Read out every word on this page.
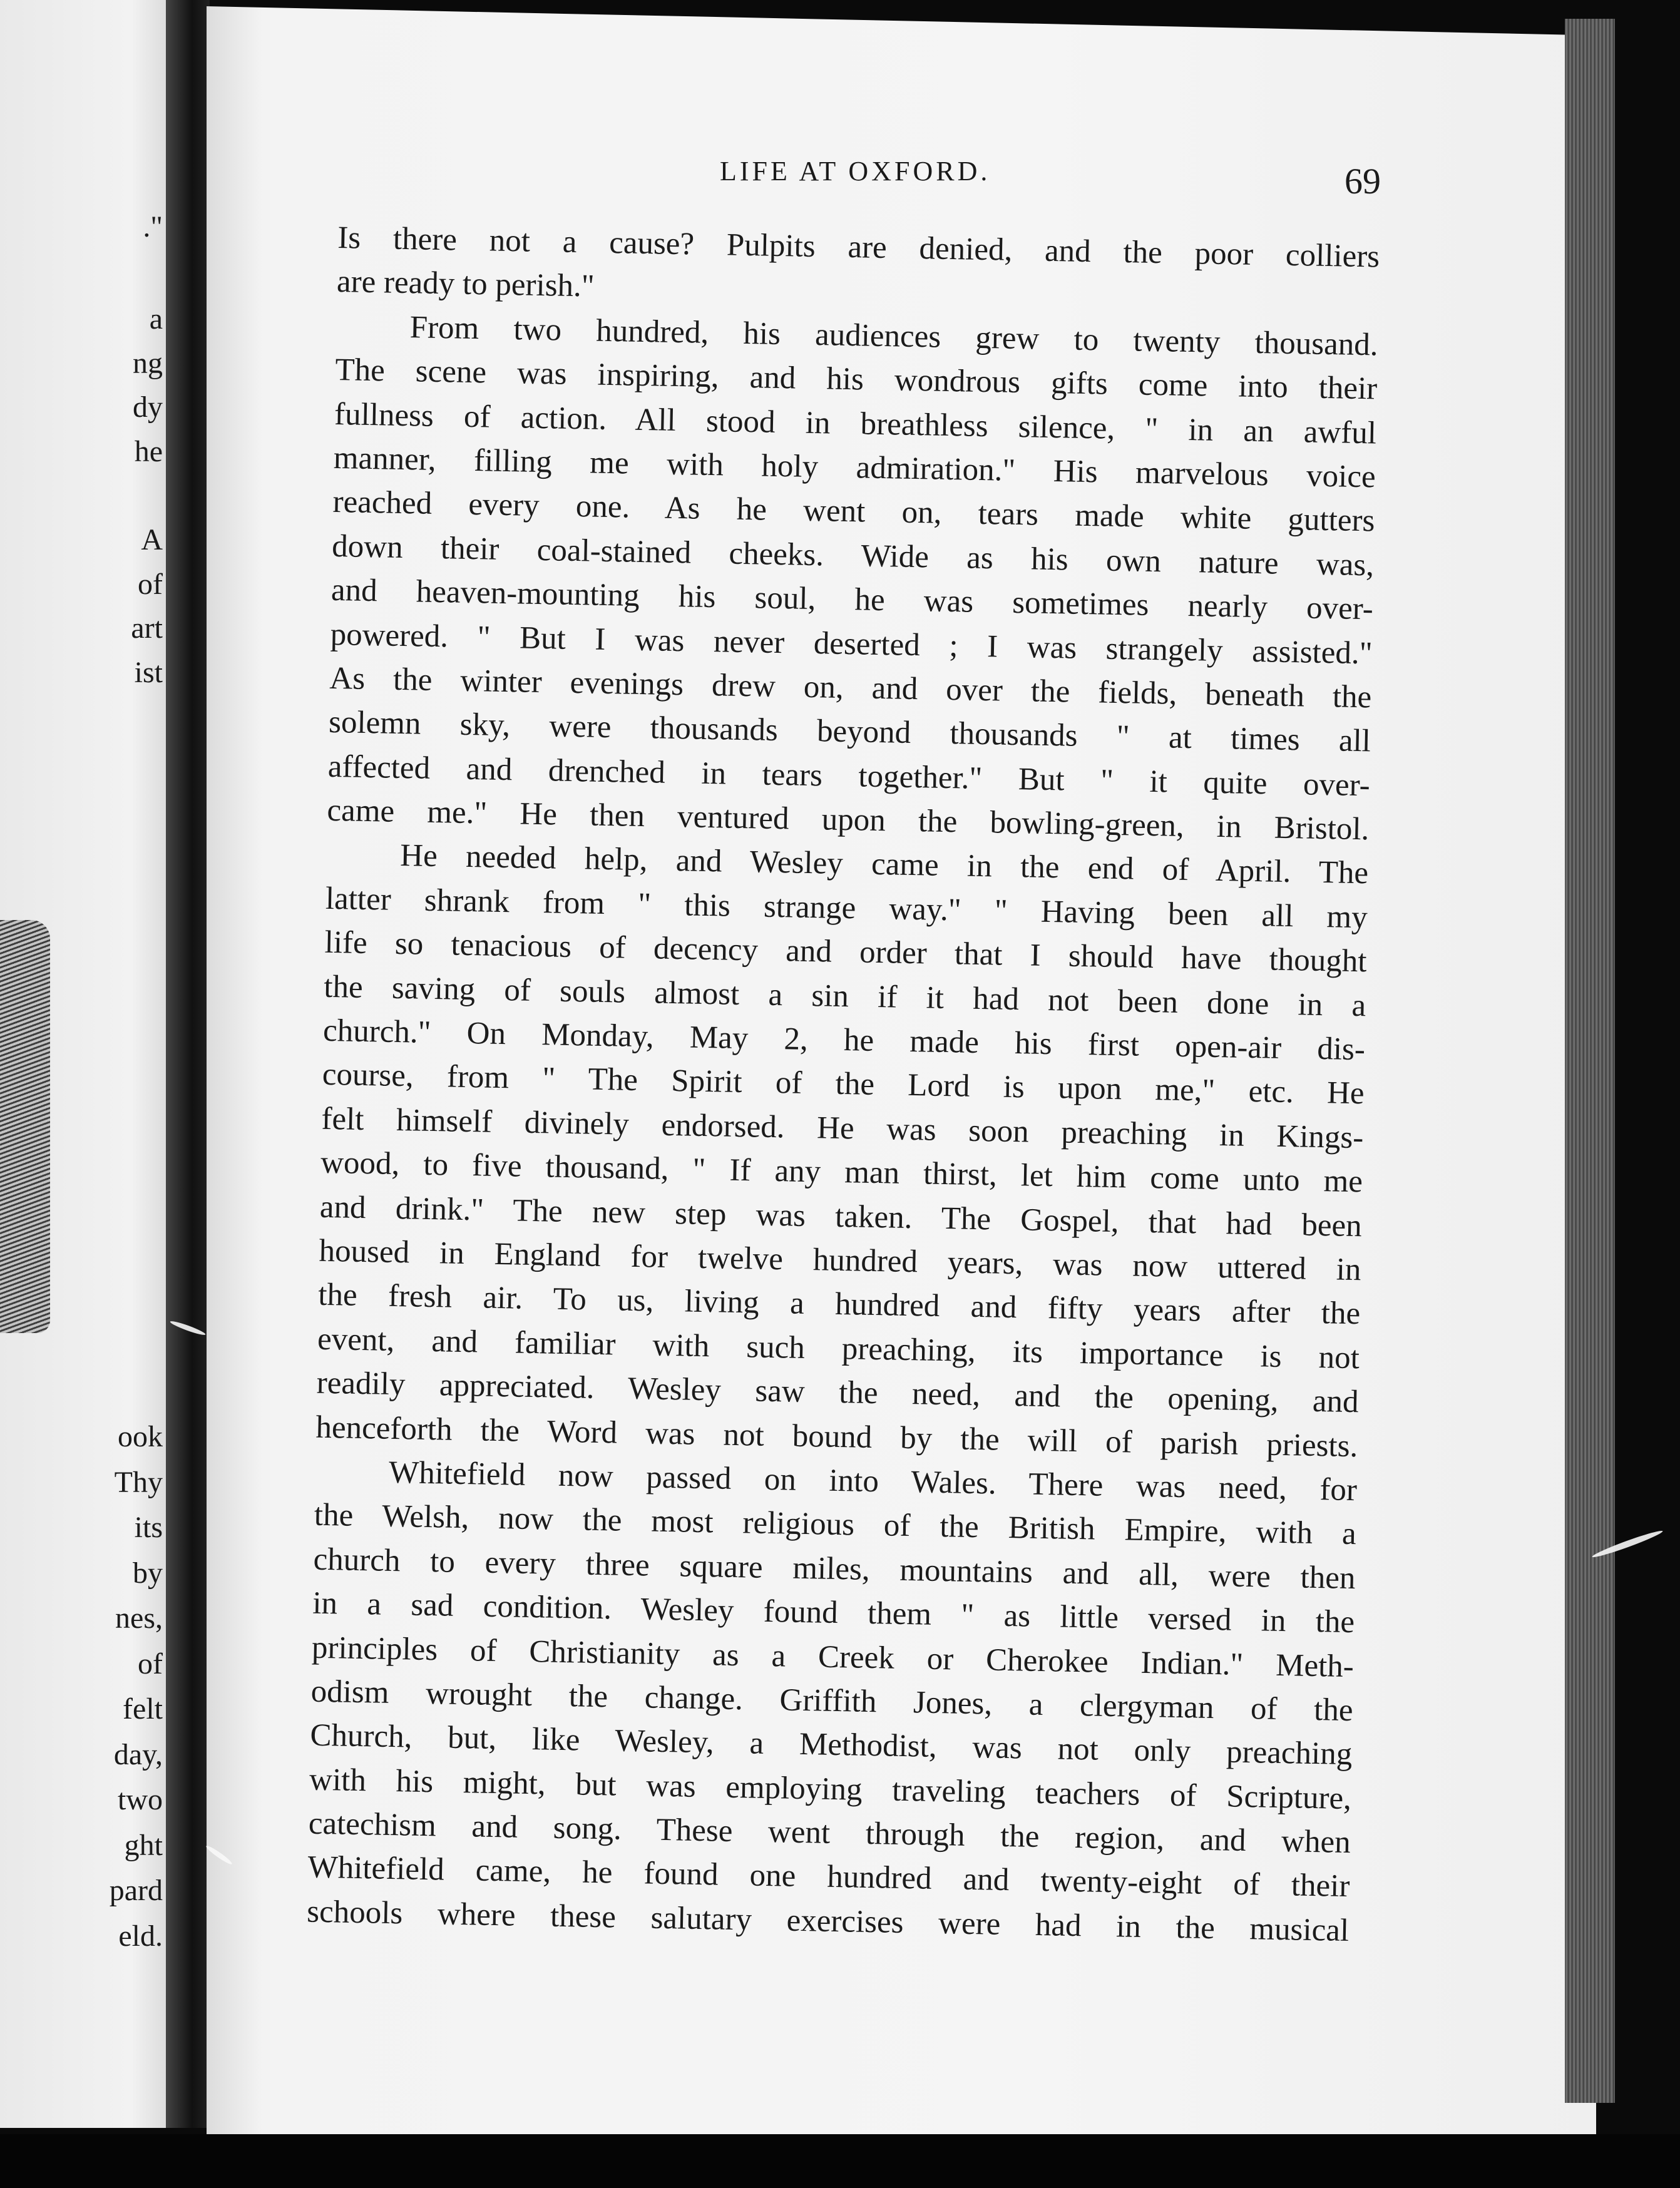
."
a
ng
dy
he
A
of
art
ist
ook
Thy
its
by
nes,
of
felt
day,
two
ght
pard
eld.
LIFE AT OXFORD.	69
Is there not a cause? Pulpits are denied, and the poor colliers
are ready to perish."
From two hundred, his audiences grew to twenty thousand.
The scene was inspiring, and his wondrous gifts come into their
fullness of action. All stood in breathless silence, " in an awful
manner, filling me with holy admiration." His marvelous voice
reached every one. As he went on, tears made white gutters
down their coal-stained cheeks. Wide as his own nature was,
and heaven-mounting his soul, he was sometimes nearly over-
powered. " But I was never deserted ; I was strangely assisted."
As the winter evenings drew on, and over the fields, beneath the
solemn sky, were thousands beyond thousands " at times all
affected and drenched in tears together." But " it quite over-
came me." He then ventured upon the bowling-green, in Bristol.
He needed help, and Wesley came in the end of April. The
latter shrank from " this strange way." " Having been all my
life so tenacious of decency and order that I should have thought
the saving of souls almost a sin if it had not been done in a
church." On Monday, May 2, he made his first open-air dis-
course, from " The Spirit of the Lord is upon me," etc. He
felt himself divinely endorsed. He was soon preaching in Kings-
wood, to five thousand, " If any man thirst, let him come unto me
and drink." The new step was taken. The Gospel, that had been
housed in England for twelve hundred years, was now uttered in
the fresh air. To us, living a hundred and fifty years after the
event, and familiar with such preaching, its importance is not
readily appreciated. Wesley saw the need, and the opening, and
henceforth the Word was not bound by the will of parish priests.
Whitefield now passed on into Wales. There was need, for
the Welsh, now the most religious of the British Empire, with a
church to every three square miles, mountains and all, were then
in a sad condition. Wesley found them " as little versed in the
principles of Christianity as a Creek or Cherokee Indian." Meth-
odism wrought the change. Griffith Jones, a clergyman of the
Church, but, like Wesley, a Methodist, was not only preaching
with his might, but was employing traveling teachers of Scripture,
catechism and song. These went through the region, and when
Whitefield came, he found one hundred and twenty-eight of their
schools where these salutary exercises were had in the musical
